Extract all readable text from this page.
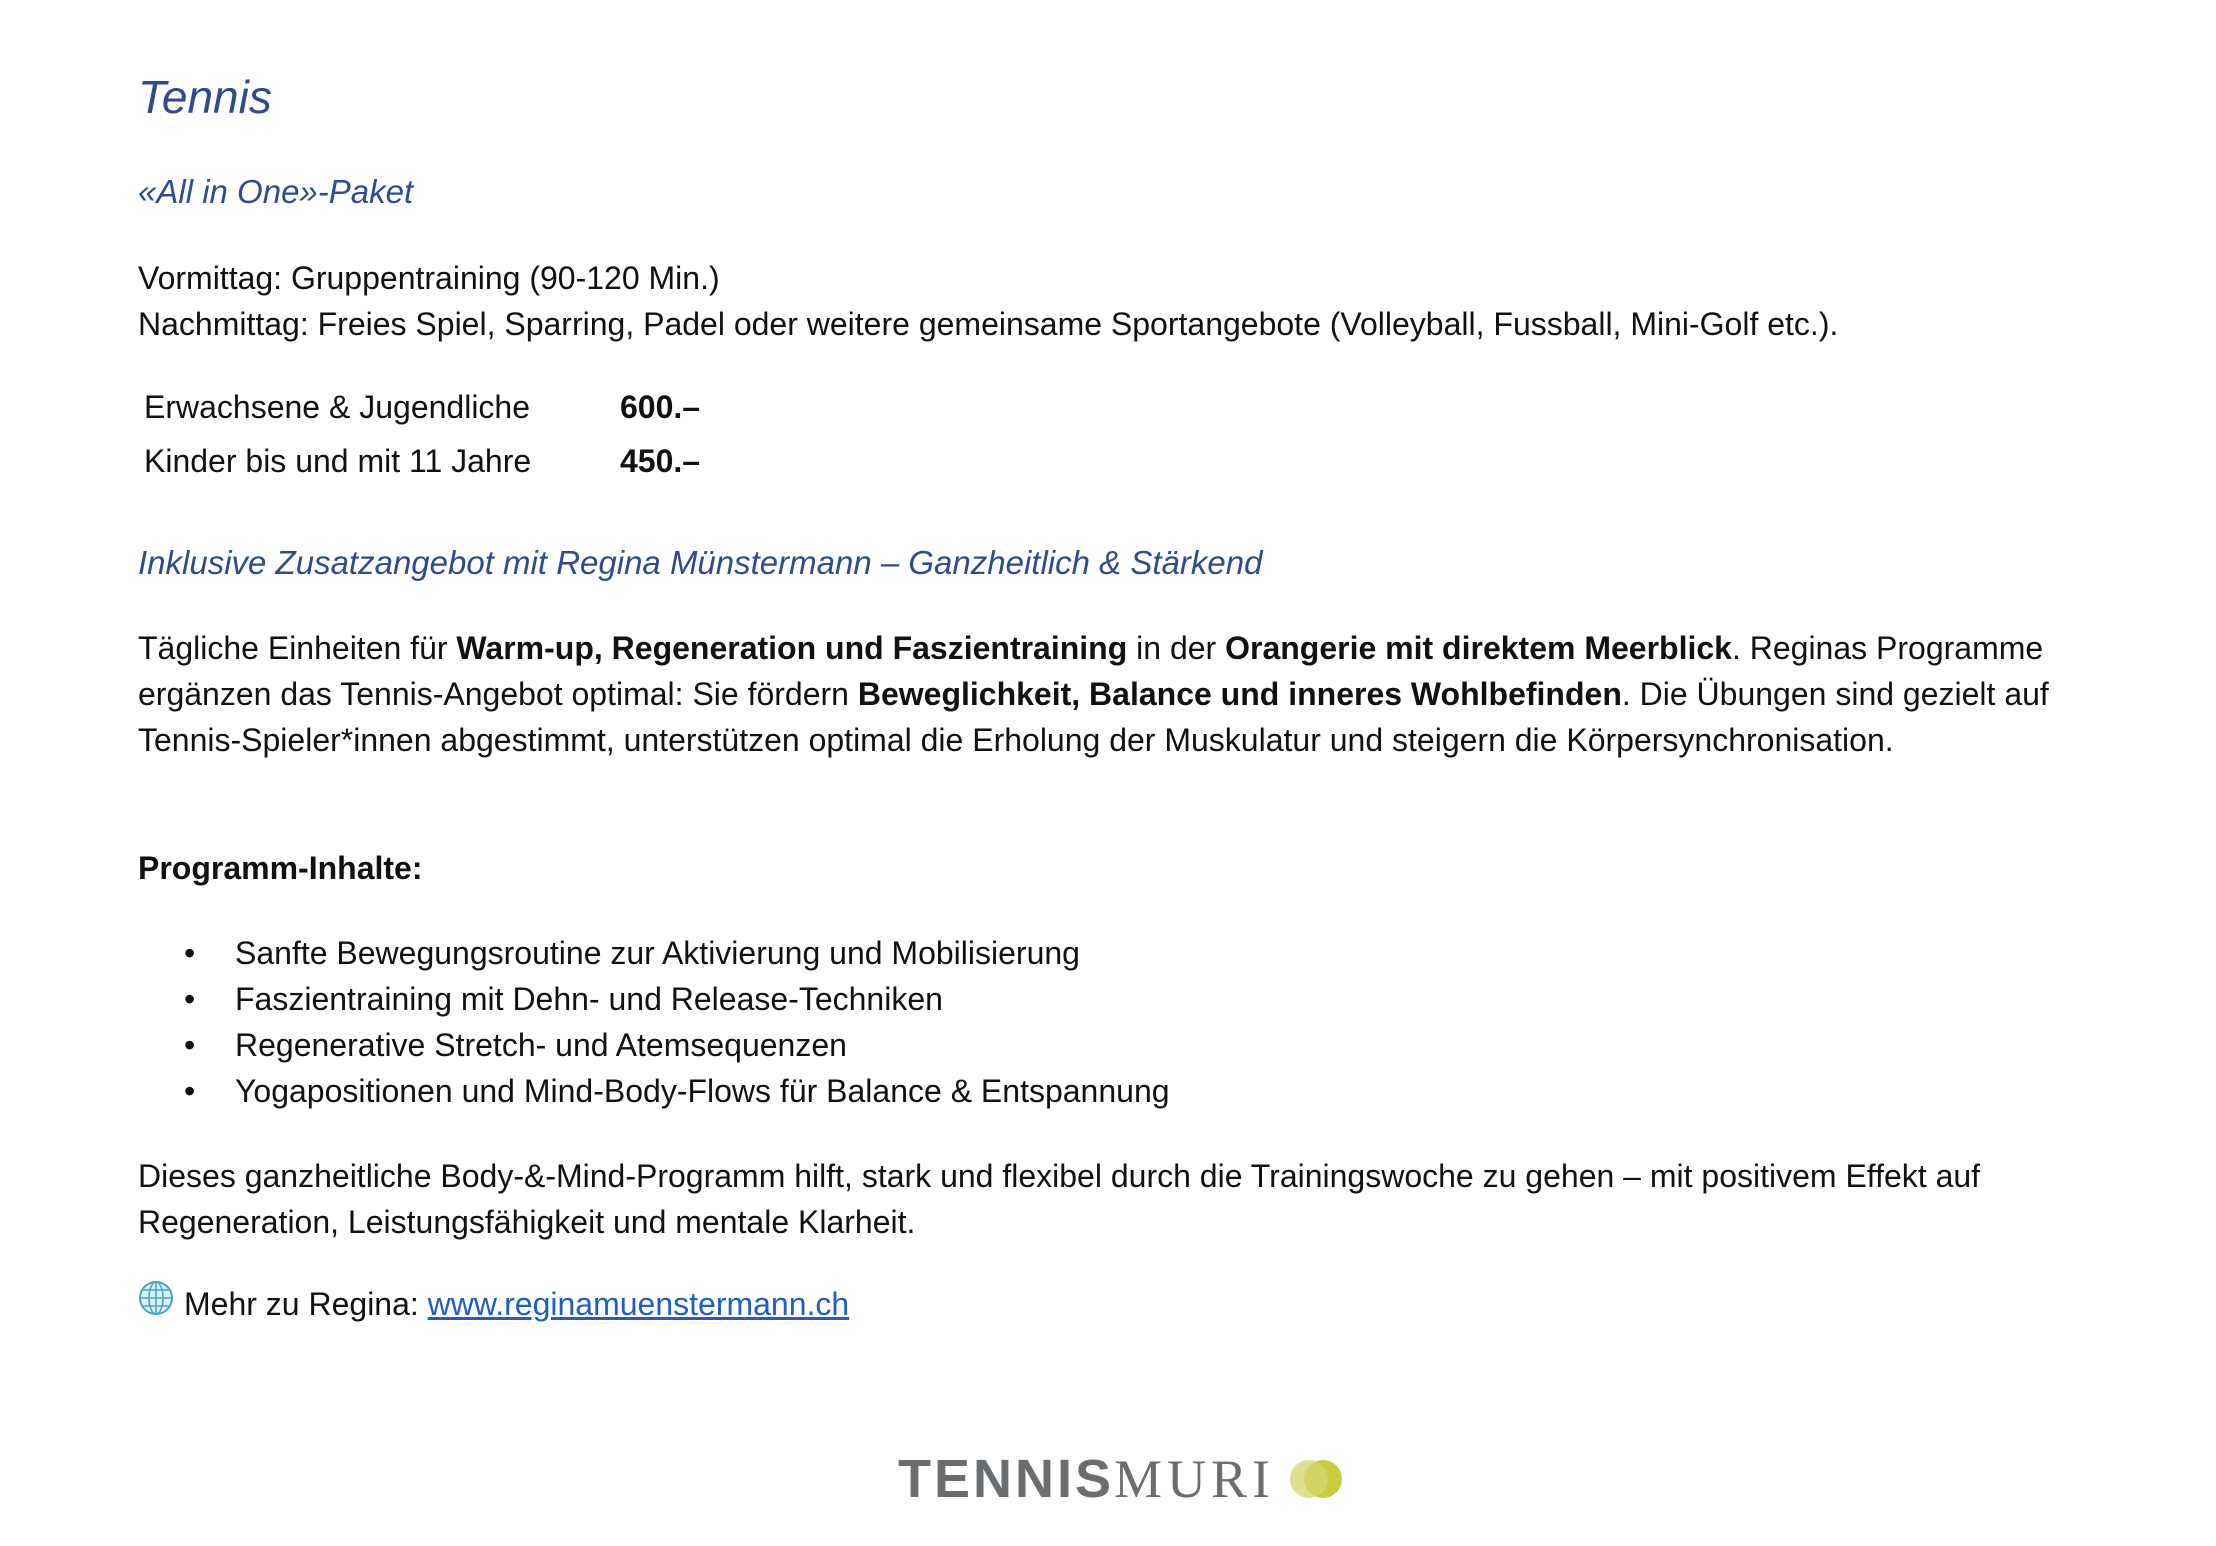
Tennis
«All in One»-Paket
Vormittag: Gruppentraining (90-120 Min.)
Nachmittag: Freies Spiel, Sparring, Padel oder weitere gemeinsame Sportangebote (Volleyball, Fussball, Mini-Golf etc.).
Erwachsene & Jugendliche	600.–
Kinder bis und mit 11 Jahre	450.–
Inklusive Zusatzangebot mit Regina Münstermann – Ganzheitlich & Stärkend

Tägliche Einheiten für Warm-up, Regeneration und Faszientraining in der Orangerie mit direktem Meerblick. Reginas Programme ergänzen das Tennis-Angebot optimal: Sie fördern Beweglichkeit, Balance und inneres Wohlbefinden. Die Übungen sind gezielt auf Tennis-Spieler*innen abgestimmt, unterstützen optimal die Erholung der Muskulatur und steigern die Körpersynchronisation.

Programm-Inhalte:
• Sanfte Bewegungsroutine zur Aktivierung und Mobilisierung
• Faszientraining mit Dehn- und Release-Techniken
• Regenerative Stretch- und Atemsequenzen
• Yogapositionen und Mind-Body-Flows für Balance & Entspannung

Dieses ganzheitliche Body-&-Mind-Programm hilft, stark und flexibel durch die Trainingswoche zu gehen – mit positivem Effekt auf Regeneration, Leistungsfähigkeit und mentale Klarheit.

Mehr zu Regina:
www.reginamuenstermann.ch
TENNIS MURI
